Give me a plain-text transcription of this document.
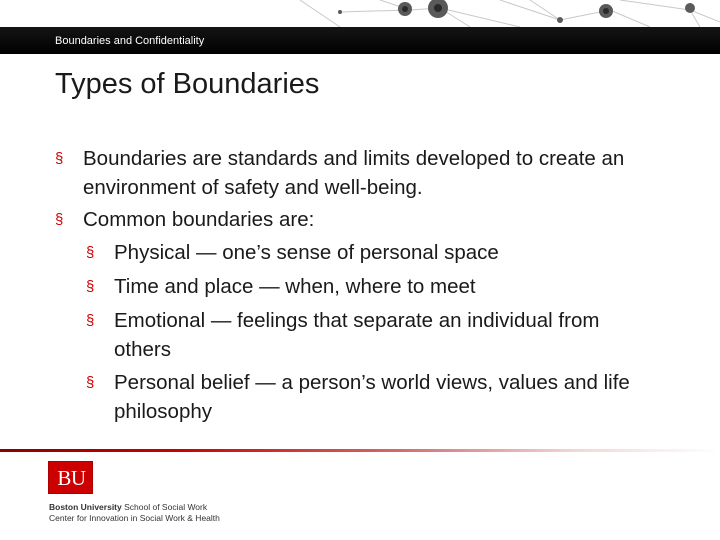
Boundaries and Confidentiality
Types of Boundaries
§ Boundaries are standards and limits developed to create an environment of safety and well-being.
§ Common boundaries are:
§ Physical — one’s sense of personal space
§ Time and place — when, where to meet
§ Emotional — feelings that separate an individual from others
§ Personal belief — a person’s world views, values and life philosophy
BU
Boston University School of Social Work
Center for Innovation in Social Work & Health
